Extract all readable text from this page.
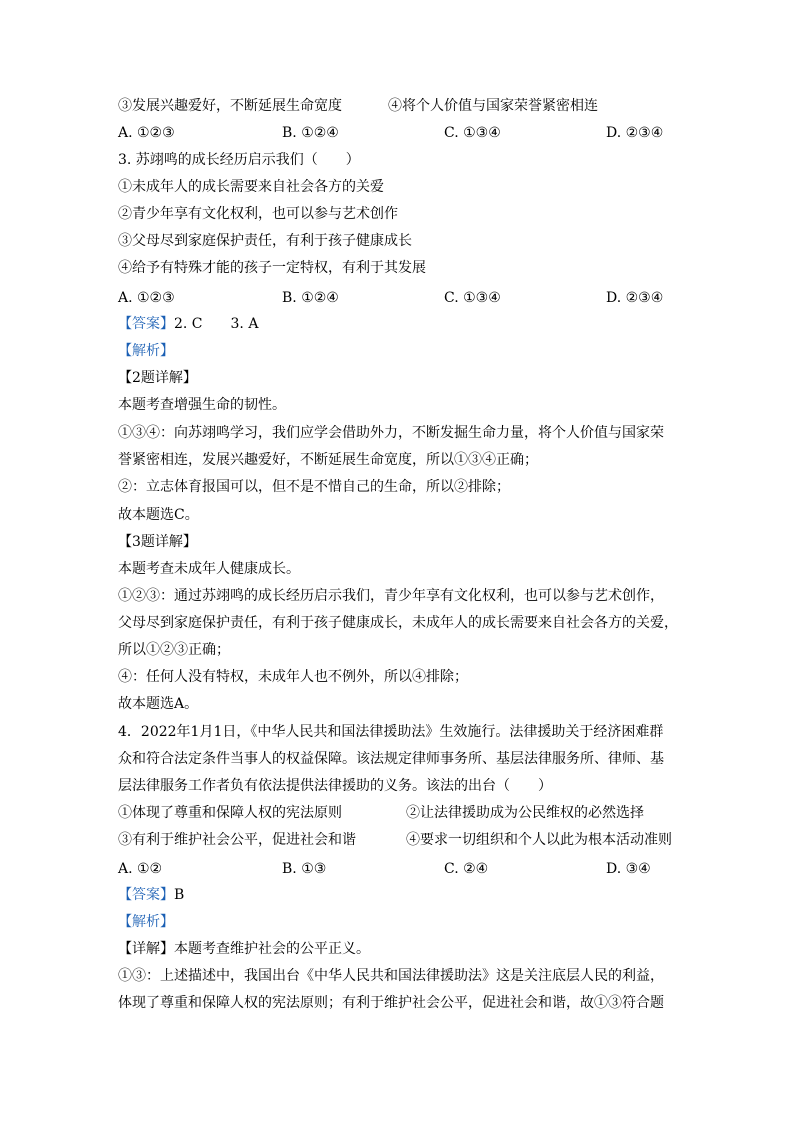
③发展兴趣爱好，不断延展生命宽度	④将个人价值与国家荣誉紧密相连
A. ①②③	B. ①②④	C. ①③④	D. ②③④
3. 苏翊鸣的成长经历启示我们（　　）
①未成年人的成长需要来自社会各方的关爱
②青少年享有文化权利，也可以参与艺术创作
③父母尽到家庭保护责任，有利于孩子健康成长
④给予有特殊才能的孩子一定特权，有利于其发展
A. ①②③	B. ①②④	C. ①③④	D. ②③④
【答案】2. C　　3. A
【解析】
【2题详解】
本题考查增强生命的韧性。
①③④：向苏翊鸣学习，我们应学会借助外力，不断发掘生命力量，将个人价值与国家荣
誉紧密相连，发展兴趣爱好，不断延展生命宽度，所以①③④正确；
②：立志体育报国可以，但不是不惜自己的生命，所以②排除；
故本题选C。
【3题详解】
本题考查未成年人健康成长。
①②③：通过苏翊鸣的成长经历启示我们，青少年享有文化权利，也可以参与艺术创作，
父母尽到家庭保护责任，有利于孩子健康成长，未成年人的成长需要来自社会各方的关爱，
所以①②③正确；
④：任何人没有特权，未成年人也不例外，所以④排除；
故本题选A。
4．2022年1月1日，《中华人民共和国法律援助法》生效施行。法律援助关于经济困难群
众和符合法定条件当事人的权益保障。该法规定律师事务所、基层法律服务所、律师、基
层法律服务工作者负有依法提供法律援助的义务。该法的出台（　　）
①体现了尊重和保障人权的宪法原则	②让法律援助成为公民维权的必然选择
③有利于维护社会公平，促进社会和谐	④要求一切组织和个人以此为根本活动准则
A. ①②	B. ①③	C. ②④	D. ③④
【答案】B
【解析】
【详解】本题考查维护社会的公平正义。
①③：上述描述中，我国出台《中华人民共和国法律援助法》这是关注底层人民的利益，
体现了尊重和保障人权的宪法原则；有利于维护社会公平，促进社会和谐，故①③符合题
